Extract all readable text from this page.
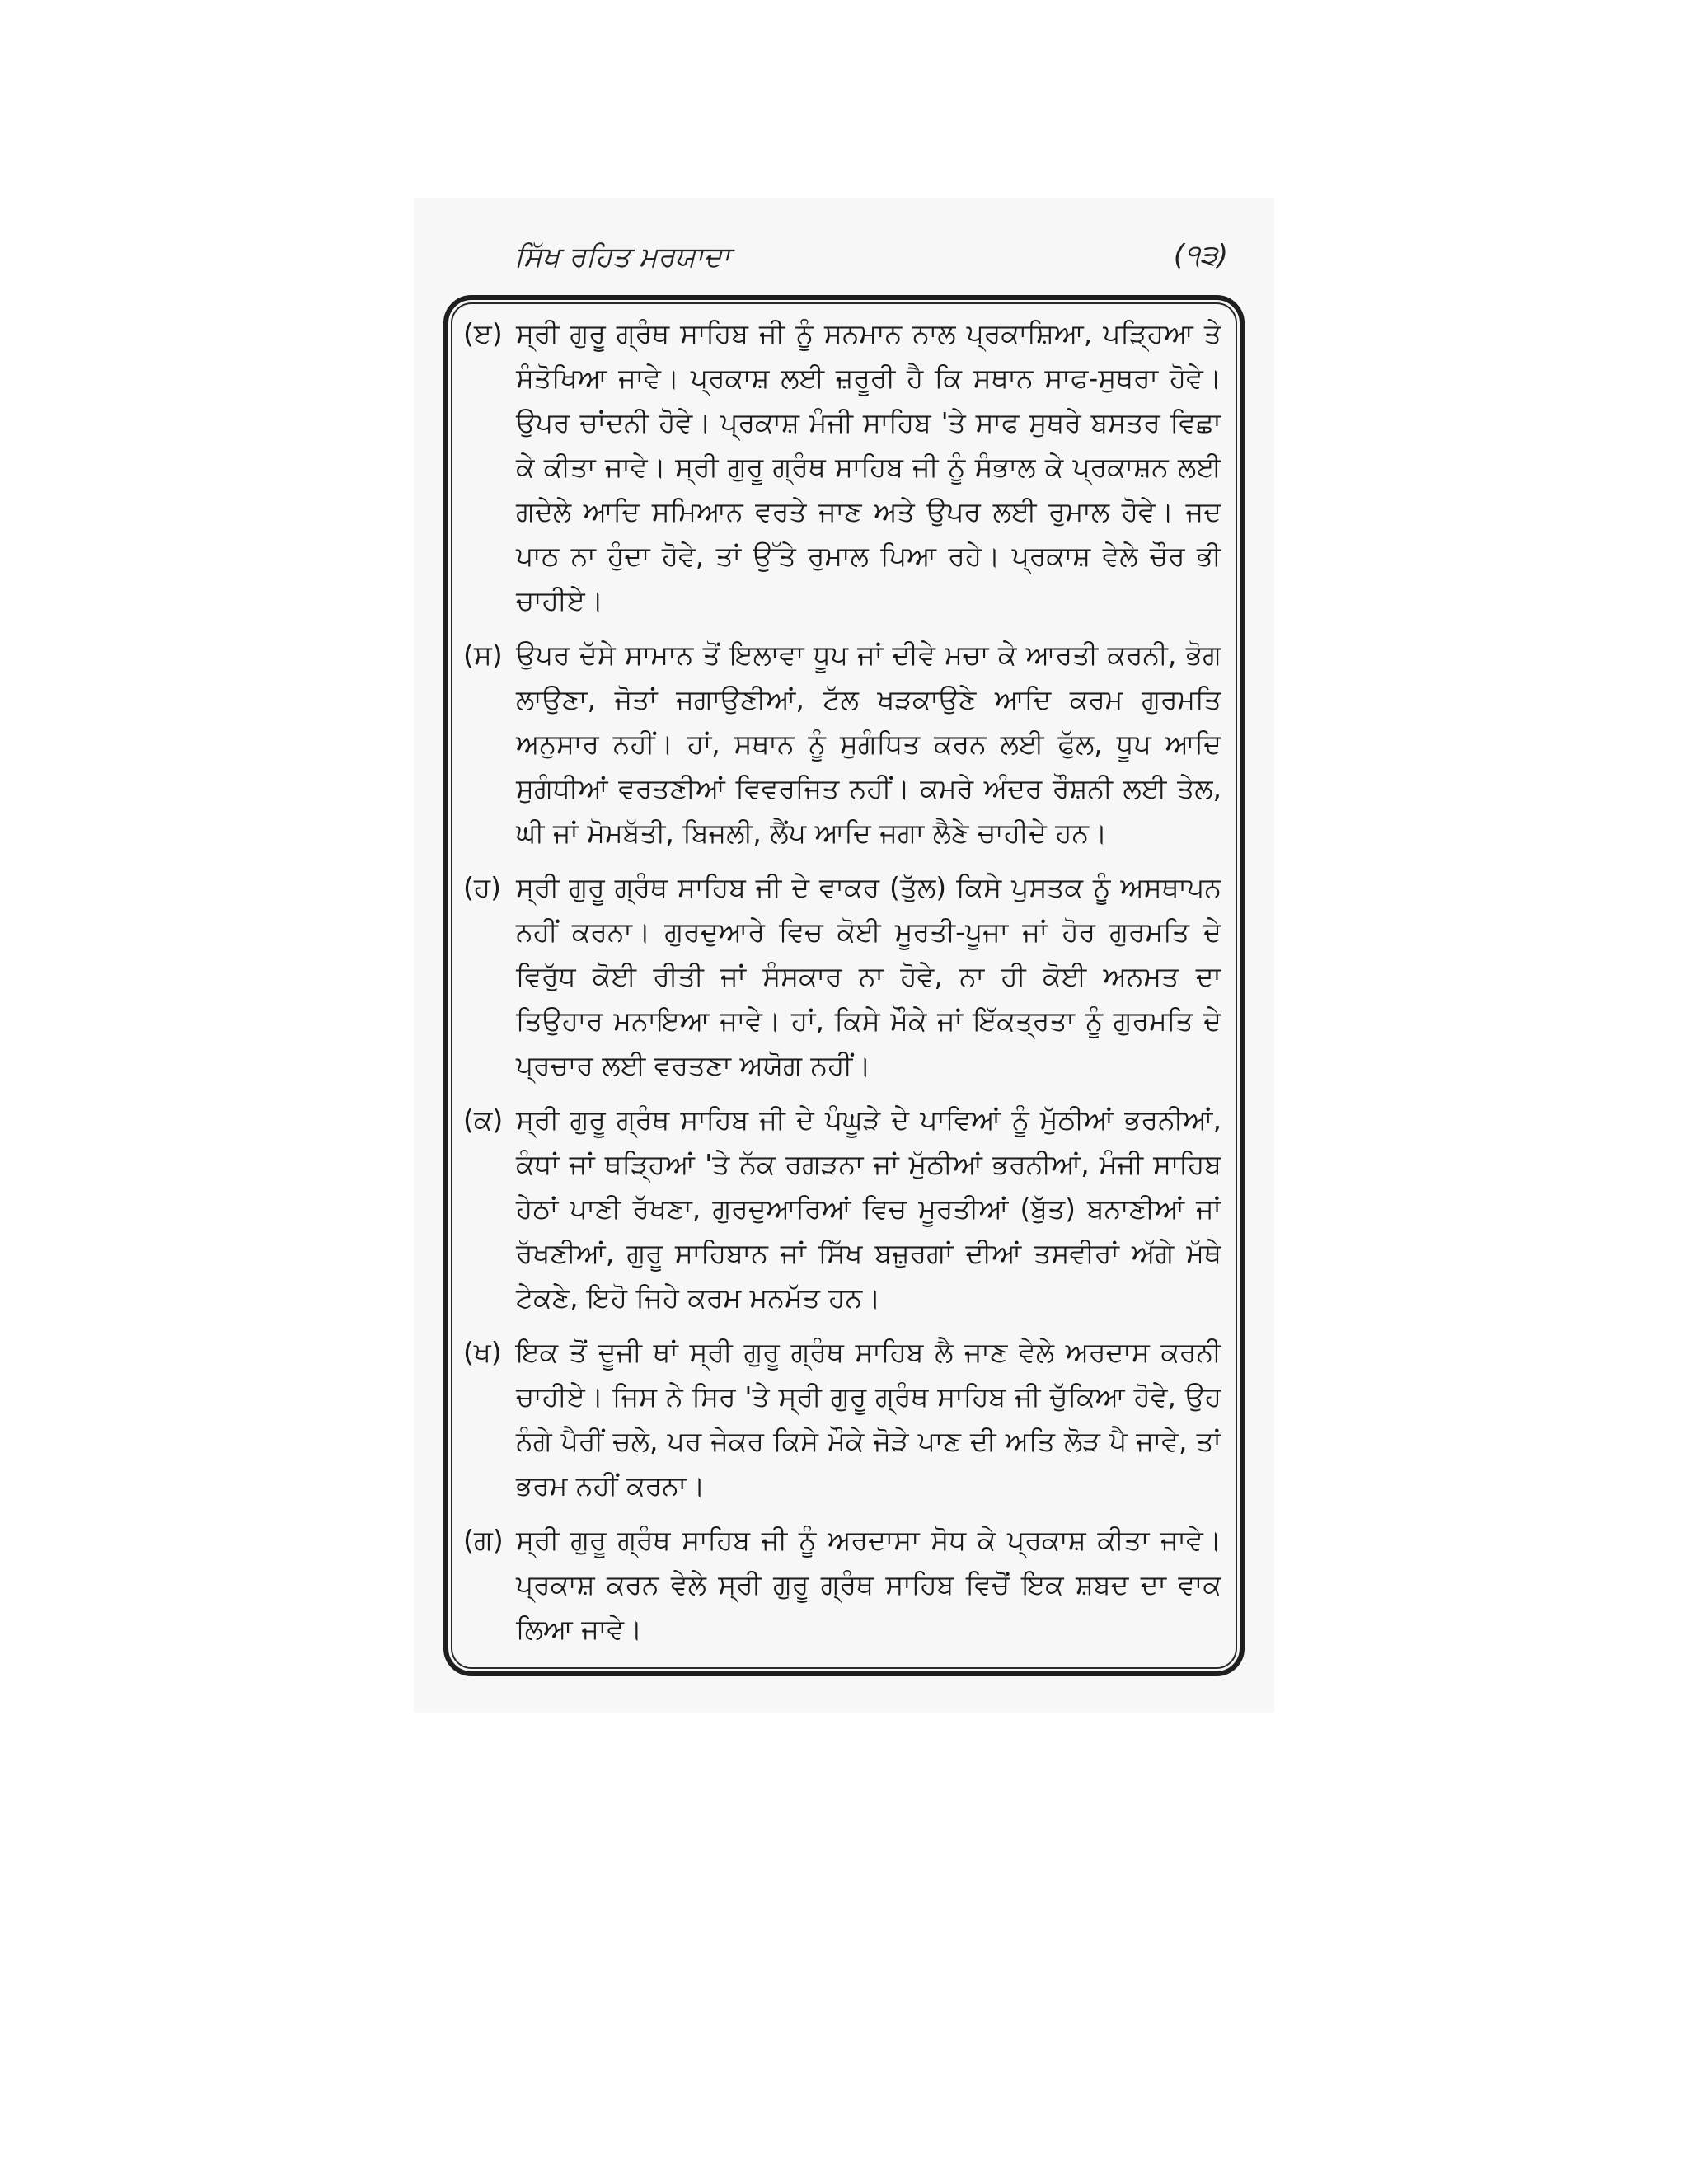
ਸਿੱਖ ਰਹਿਤ ਮਰਯਾਦਾ	(੧੩)
(ੲ) ਸ੍ਰੀ ਗੁਰੂ ਗ੍ਰੰਥ ਸਾਹਿਬ ਜੀ ਨੂੰ ਸਨਮਾਨ ਨਾਲ ਪ੍ਰਕਾਸ਼ਿਆ, ਪੜ੍ਹਿਆ ਤੇ ਸੰਤੋਖਿਆ ਜਾਵੇ। ਪ੍ਰਕਾਸ਼ ਲਈ ਜ਼ਰੂਰੀ ਹੈ ਕਿ ਸਥਾਨ ਸਾਫ-ਸੁਥਰਾ ਹੋਵੇ। ਉਪਰ ਚਾਂਦਨੀ ਹੋਵੇ। ਪ੍ਰਕਾਸ਼ ਮੰਜੀ ਸਾਹਿਬ 'ਤੇ ਸਾਫ ਸੁਥਰੇ ਬਸਤਰ ਵਿਛਾ ਕੇ ਕੀਤਾ ਜਾਵੇ। ਸ੍ਰੀ ਗੁਰੂ ਗ੍ਰੰਥ ਸਾਹਿਬ ਜੀ ਨੂੰ ਸੰਭਾਲ ਕੇ ਪ੍ਰਕਾਸ਼ਨ ਲਈ ਗਦੇਲੇ ਆਦਿ ਸਮਿਆਨ ਵਰਤੇ ਜਾਣ ਅਤੇ ਉਪਰ ਲਈ ਰੁਮਾਲ ਹੋਵੇ। ਜਦ ਪਾਠ ਨਾ ਹੁੰਦਾ ਹੋਵੇ, ਤਾਂ ਉੱਤੇ ਰੁਮਾਲ ਪਿਆ ਰਹੇ। ਪ੍ਰਕਾਸ਼ ਵੇਲੇ ਚੌਰ ਭੀ ਚਾਹੀਏ।
(ਸ) ਉਪਰ ਦੱਸੇ ਸਾਮਾਨ ਤੋਂ ਇਲਾਵਾ ਧੂਪ ਜਾਂ ਦੀਵੇ ਮਚਾ ਕੇ ਆਰਤੀ ਕਰਨੀ, ਭੋਗ ਲਾਉਣਾ, ਜੋਤਾਂ ਜਗਾਉਣੀਆਂ, ਟੱਲ ਖੜਕਾਉਣੇ ਆਦਿ ਕਰਮ ਗੁਰਮਤਿ ਅਨੁਸਾਰ ਨਹੀਂ। ਹਾਂ, ਸਥਾਨ ਨੂੰ ਸੁਗੰਧਿਤ ਕਰਨ ਲਈ ਫੁੱਲ, ਧੂਪ ਆਦਿ ਸੁਗੰਧੀਆਂ ਵਰਤਣੀਆਂ ਵਿਵਰਜਿਤ ਨਹੀਂ। ਕਮਰੇ ਅੰਦਰ ਰੌਸ਼ਨੀ ਲਈ ਤੇਲ, ਘੀ ਜਾਂ ਮੋਮਬੱਤੀ, ਬਿਜਲੀ, ਲੈਂਪ ਆਦਿ ਜਗਾ ਲੈਣੇ ਚਾਹੀਦੇ ਹਨ।
(ਹ) ਸ੍ਰੀ ਗੁਰੂ ਗ੍ਰੰਥ ਸਾਹਿਬ ਜੀ ਦੇ ਵਾਕਰ (ਤੁੱਲ) ਕਿਸੇ ਪੁਸਤਕ ਨੂੰ ਅਸਥਾਪਨ ਨਹੀਂ ਕਰਨਾ। ਗੁਰਦੁਆਰੇ ਵਿਚ ਕੋਈ ਮੂਰਤੀ-ਪੂਜਾ ਜਾਂ ਹੋਰ ਗੁਰਮਤਿ ਦੇ ਵਿਰੁੱਧ ਕੋਈ ਰੀਤੀ ਜਾਂ ਸੰਸਕਾਰ ਨਾ ਹੋਵੇ, ਨਾ ਹੀ ਕੋਈ ਅਨਮਤ ਦਾ ਤਿਉਹਾਰ ਮਨਾਇਆ ਜਾਵੇ। ਹਾਂ, ਕਿਸੇ ਮੌਕੇ ਜਾਂ ਇੱਕਤ੍ਰਤਾ ਨੂੰ ਗੁਰਮਤਿ ਦੇ ਪ੍ਰਚਾਰ ਲਈ ਵਰਤਣਾ ਅਯੋਗ ਨਹੀਂ।
(ਕ) ਸ੍ਰੀ ਗੁਰੂ ਗ੍ਰੰਥ ਸਾਹਿਬ ਜੀ ਦੇ ਪੰਘੂੜੇ ਦੇ ਪਾਵਿਆਂ ਨੂੰ ਮੁੱਠੀਆਂ ਭਰਨੀਆਂ, ਕੰਧਾਂ ਜਾਂ ਥੜ੍ਹਿਆਂ 'ਤੇ ਨੱਕ ਰਗੜਨਾ ਜਾਂ ਮੁੱਠੀਆਂ ਭਰਨੀਆਂ, ਮੰਜੀ ਸਾਹਿਬ ਹੇਠਾਂ ਪਾਣੀ ਰੱਖਣਾ, ਗੁਰਦੁਆਰਿਆਂ ਵਿਚ ਮੂਰਤੀਆਂ (ਬੁੱਤ) ਬਨਾਣੀਆਂ ਜਾਂ ਰੱਖਣੀਆਂ, ਗੁਰੂ ਸਾਹਿਬਾਨ ਜਾਂ ਸਿੱਖ ਬਜ਼ੁਰਗਾਂ ਦੀਆਂ ਤਸਵੀਰਾਂ ਅੱਗੇ ਮੱਥੇ ਟੇਕਣੇ, ਇਹੋ ਜਿਹੇ ਕਰਮ ਮਨਮੱਤ ਹਨ।
(ਖ) ਇਕ ਤੋਂ ਦੂਜੀ ਥਾਂ ਸ੍ਰੀ ਗੁਰੂ ਗ੍ਰੰਥ ਸਾਹਿਬ ਲੈ ਜਾਣ ਵੇਲੇ ਅਰਦਾਸ ਕਰਨੀ ਚਾਹੀਏ। ਜਿਸ ਨੇ ਸਿਰ 'ਤੇ ਸ੍ਰੀ ਗੁਰੂ ਗ੍ਰੰਥ ਸਾਹਿਬ ਜੀ ਚੁੱਕਿਆ ਹੋਵੇ, ਉਹ ਨੰਗੇ ਪੈਰੀਂ ਚਲੇ, ਪਰ ਜੇਕਰ ਕਿਸੇ ਮੌਕੇ ਜੋੜੇ ਪਾਣ ਦੀ ਅਤਿ ਲੋੜ ਪੈ ਜਾਵੇ, ਤਾਂ ਭਰਮ ਨਹੀਂ ਕਰਨਾ।
(ਗ) ਸ੍ਰੀ ਗੁਰੂ ਗ੍ਰੰਥ ਸਾਹਿਬ ਜੀ ਨੂੰ ਅਰਦਾਸਾ ਸੋਧ ਕੇ ਪ੍ਰਕਾਸ਼ ਕੀਤਾ ਜਾਵੇ। ਪ੍ਰਕਾਸ਼ ਕਰਨ ਵੇਲੇ ਸ੍ਰੀ ਗੁਰੂ ਗ੍ਰੰਥ ਸਾਹਿਬ ਵਿਚੋਂ ਇਕ ਸ਼ਬਦ ਦਾ ਵਾਕ ਲਿਆ ਜਾਵੇ।
